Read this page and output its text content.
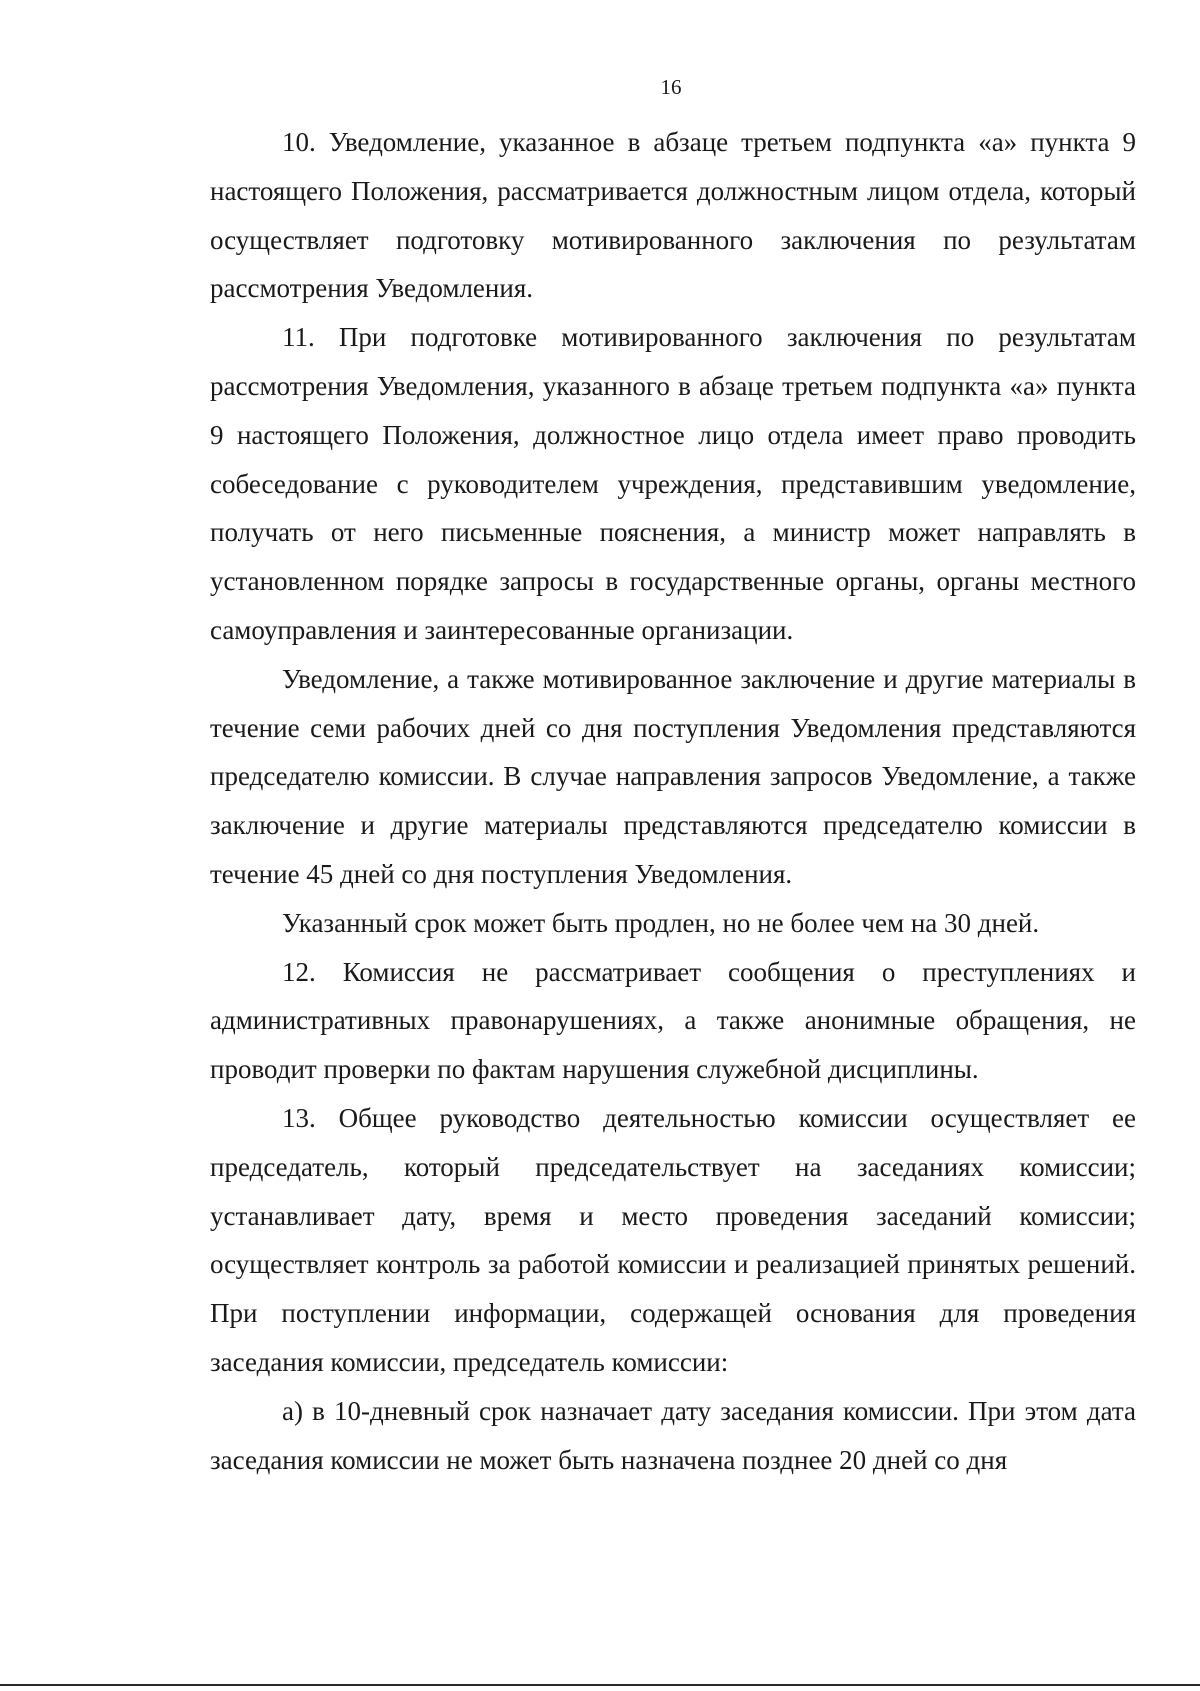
16

10. Уведомление, указанное в абзаце третьем подпункта «а» пункта 9 настоящего Положения, рассматривается должностным лицом отдела, который осуществляет подготовку мотивированного заключения по результатам рассмотрения Уведомления.

11. При подготовке мотивированного заключения по результатам рассмотрения Уведомления, указанного в абзаце третьем подпункта «а» пункта 9 настоящего Положения, должностное лицо отдела имеет право проводить собеседование с руководителем учреждения, представившим уведомление, получать от него письменные пояснения, а министр может направлять в установленном порядке запросы в государственные органы, органы местного самоуправления и заинтересованные организации.

Уведомление, а также мотивированное заключение и другие материалы в течение семи рабочих дней со дня поступления Уведомления представляются председателю комиссии. В случае направления запросов Уведомление, а также заключение и другие материалы представляются председателю комиссии в течение 45 дней со дня поступления Уведомления.

Указанный срок может быть продлен, но не более чем на 30 дней.

12. Комиссия не рассматривает сообщения о преступлениях и административных правонарушениях, а также анонимные обращения, не проводит проверки по фактам нарушения служебной дисциплины.

13. Общее руководство деятельностью комиссии осуществляет ее председатель, который председательствует на заседаниях комиссии; устанавливает дату, время и место проведения заседаний комиссии; осуществляет контроль за работой комиссии и реализацией принятых решений. При поступлении информации, содержащей основания для проведения заседания комиссии, председатель комиссии:

а) в 10-дневный срок назначает дату заседания комиссии. При этом дата заседания комиссии не может быть назначена позднее 20 дней со дня
